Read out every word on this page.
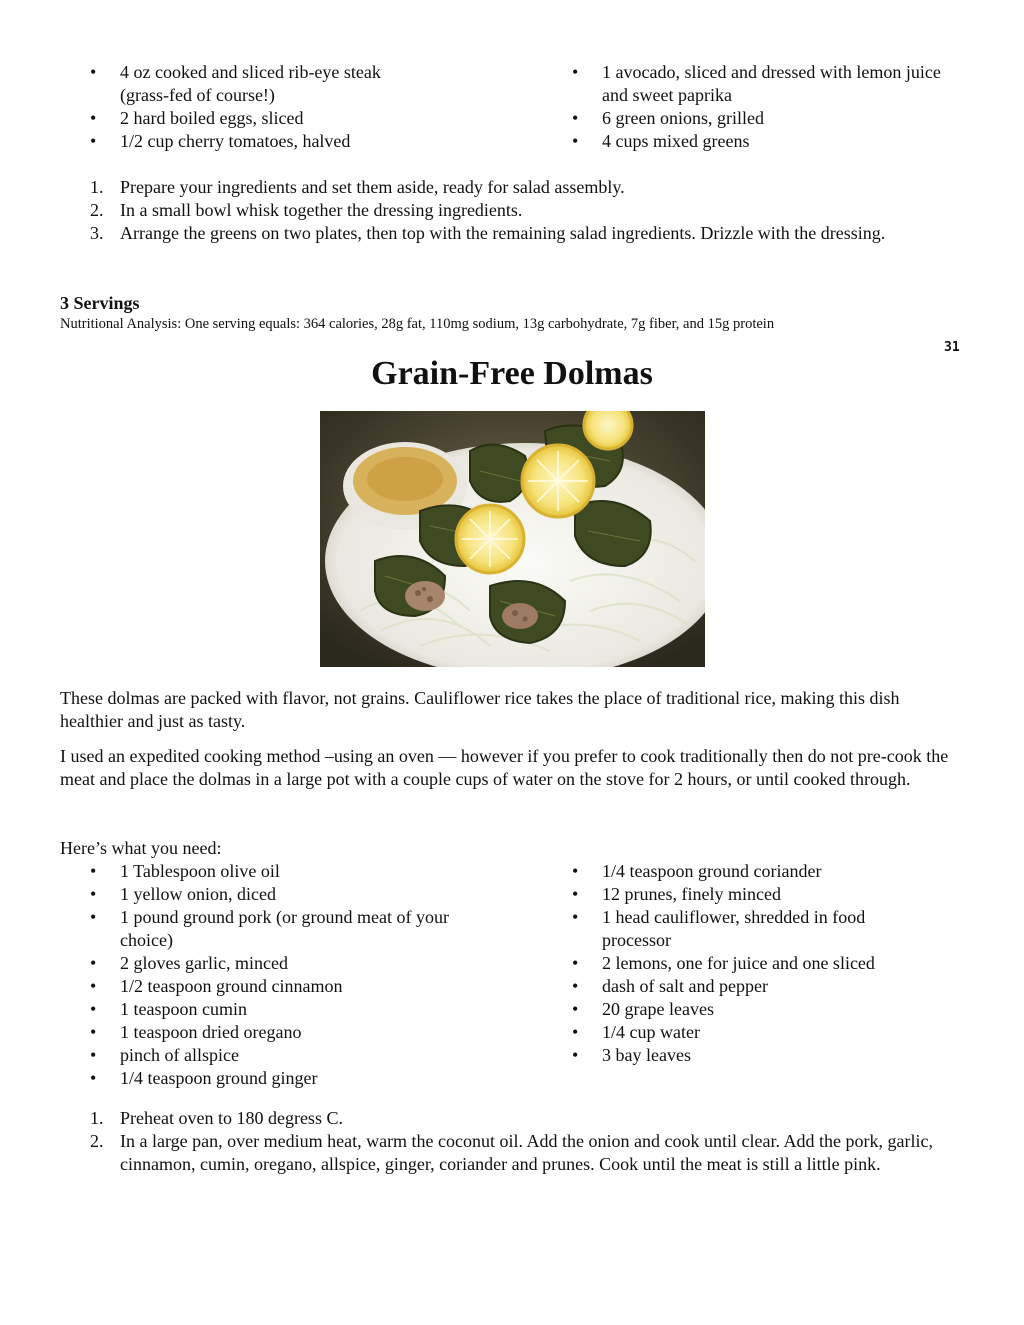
• 4 oz cooked and sliced rib-eye steak (grass-fed of course!)
• 2 hard boiled eggs, sliced
• 1/2 cup cherry tomatoes, halved
• 1 avocado, sliced and dressed with lemon juice and sweet paprika
• 6 green onions, grilled
• 4 cups mixed greens
1. Prepare your ingredients and set them aside, ready for salad assembly.
2. In a small bowl whisk together the dressing ingredients.
3. Arrange the greens on two plates, then top with the remaining salad ingredients. Drizzle with the dressing.
3 Servings
Nutritional Analysis: One serving equals: 364 calories, 28g fat, 110mg sodium, 13g carbohydrate, 7g fiber, and 15g protein
31
Grain-Free Dolmas

These dolmas are packed with flavor, not grains. Cauliflower rice takes the place of traditional rice, making this dish healthier and just as tasty.

I used an expedited cooking method –using an oven — however if you prefer to cook traditionally then do not pre-cook the meat and place the dolmas in a large pot with a couple cups of water on the stove for 2 hours, or until cooked through.

Here’s what you need:
• 1 Tablespoon olive oil
• 1 yellow onion, diced
• 1 pound ground pork (or ground meat of your choice)
• 2 gloves garlic, minced
• 1/2 teaspoon ground cinnamon
• 1 teaspoon cumin
• 1 teaspoon dried oregano
• pinch of allspice
• 1/4 teaspoon ground ginger
• 1/4 teaspoon ground coriander
• 12 prunes, finely minced
• 1 head cauliflower, shredded in food processor
• 2 lemons, one for juice and one sliced
• dash of salt and pepper
• 20 grape leaves
• 1/4 cup water
• 3 bay leaves
1. Preheat oven to 180 degress C.
2. In a large pan, over medium heat, warm the coconut oil. Add the onion and cook until clear. Add the pork, garlic, cinnamon, cumin, oregano, allspice, ginger, coriander and prunes. Cook until the meat is still a little pink.
